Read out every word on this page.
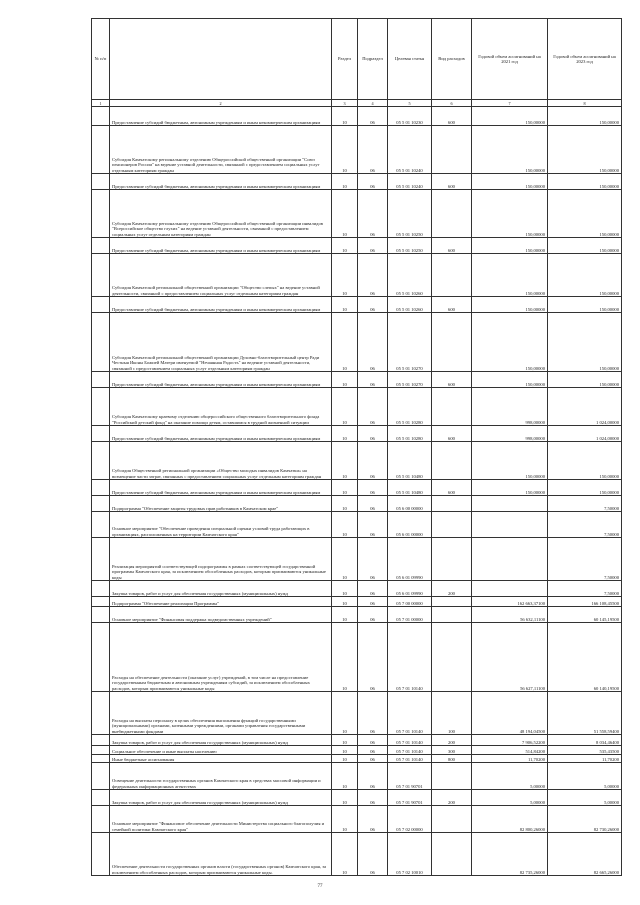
№ п/п		Раздел	Подраздел	Целевая статья	Вид расходов	Годовой объем ассигнований на 2021 год	Годовой объем ассигнований на 2023 год
1	2	3	4	5	6	7	8
	Предоставление субсидий бюджетным, автономным учреждениям и иным некоммерческим организациям	10	06	05 5 01 10230	600	150,00000	150,00000
	Субсидия Камчатскому региональному отделению Общероссийской общественной организации "Союз пенсионеров России" на ведение уставной деятельности, связанной с предоставлением социальных услуг отдельным категориям граждан	10	06	05 5 01 10240		150,00000	150,00000
	Предоставление субсидий бюджетным, автономным учреждениям и иным некоммерческим организациям	10	06	05 5 01 10240	600	150,00000	150,00000
	Субсидия Камчатскому региональному отделению Общероссийской общественной организации инвалидов "Всероссийское общество глухих" на ведение уставной деятельности, связанной с предоставлением социальных услуг отдельным категориям граждан	10	06	05 5 01 10250		150,00000	150,00000
	Предоставление субсидий бюджетным, автономным учреждениям и иным некоммерческим организациям	10	06	05 5 01 10250	600	150,00000	150,00000
	Субсидия Камчатской региональной общественной организации "Общество слепых" на ведение уставной деятельности, связанной с предоставлением социальных услуг отдельным категориям граждан	10	06	05 5 01 10260		150,00000	150,00000
	Предоставление субсидий бюджетным, автономным учреждениям и иным некоммерческим организациям	10	06	05 5 01 10260	600	150,00000	150,00000
	Субсидия Камчатской региональной общественной организации Духовно-благотворительный центр Ради Честныя Иконы Божией Матери именуемой "Нечаянная Радость" на ведение уставной деятельности, связанной с предоставлением социальных услуг отдельным категориям граждан	10	06	05 5 01 10270		150,00000	150,00000
	Предоставление субсидий бюджетным, автономным учреждениям и иным некоммерческим организациям	10	06	05 5 01 10270	600	150,00000	150,00000
	Субсидия Камчатскому краевому отделению общероссийского общественного благотворительного фонда "Российский детский фонд" на оказание помощи детям, оставшимся в трудной жизненной ситуации	10	06	05 5 01 10280		998,00000	1 024,00000
	Предоставление субсидий бюджетным, автономным учреждениям и иным некоммерческим организациям	10	06	05 5 01 10280	600	998,00000	1 024,00000
	Субсидия Общественной региональной организации «Общество молодых инвалидов Камчатки» на возмещение части затрат, связанных с предоставлением социальных услуг отдельным категориям граждан	10	06	05 5 01 10480		150,00000	150,00000
	Предоставление субсидий бюджетным, автономным учреждениям и иным некоммерческим организациям	10	06	05 5 01 10480	600	150,00000	150,00000
	Подпрограмма "Обеспечение защиты трудовых прав работников в Камчатском крае"	10	06	05 6 00 00000			7,50000
	Основное мероприятие "Обеспечение проведения специальной оценки условий труда работающих в организациях, расположенных на территории Камчатского края"	10	06	05 6 01 00000			7,50000
	Реализация мероприятий соответствующей подпрограммы в рамках соответствующей государственной программы Камчатского края, за исключением обособленных расходов, которым присваиваются уникальные коды	10	06	05 6 01 09990			7,50000
	Закупка товаров, работ и услуг для обеспечения государственных (муниципальных) нужд	10	06	05 6 01 09990	200		7,50000
	Подпрограмма "Обеспечение реализации Программы"	10	06	05 7 00 00000		162 663,37100	166 108,45500
	Основное мероприятие "Финансовая поддержка подведомственных учреждений"	10	06	05 7 01 00000		56 632,11100	60 145,19500
	Расходы на обеспечение деятельности (оказание услуг) учреждений, в том числе на предоставление государственным бюджетным и автономным учреждениям субсидий, за исключением обособленных расходов, которым присваиваются уникальные коды	10	06	05 7 01 10140		56 627,11100	60 140,19500
	Расходы на выплаты персоналу в целях обеспечения выполнения функций государственными (муниципальными) органами, казенными учреждениями, органами управления государственными внебюджетными фондами	10	06	05 7 01 10140	100	48 194,04500	51 558,59400
	Закупка товаров, работ и услуг для обеспечения государственных (муниципальных) нужд	10	06	05 7 01 10140	200	7 906,52200	8 034,46400
	Социальное обеспечение и иные выплаты населению	10	06	05 7 01 10140	300	514,84200	535,43500
	Иные бюджетные ассигнования	10	06	05 7 01 10140	800	11,70200	11,70200
	Освещение деятельности государственных органов Камчатского края в средствах массовой информации и федеральных информационных агентствах	10	06	05 7 01 90701		5,00000	5,00000
	Закупка товаров, работ и услуг для обеспечения государственных (муниципальных) нужд	10	06	05 7 01 90701	200	5,00000	5,00000
	Основное мероприятие "Финансовое обеспечение деятельности Министерства социального благополучия и семейной политики Камчатского края"	10	06	05 7 02 00000		82 800,26000	82 730,26000
	Обеспечение деятельности государственных органов власти (государственных органов) Камчатского края, за исключением обособленных расходов, которым присваиваются уникальные коды.	10	06	05 7 02 10010		82 735,26000	82 665,26000
77
